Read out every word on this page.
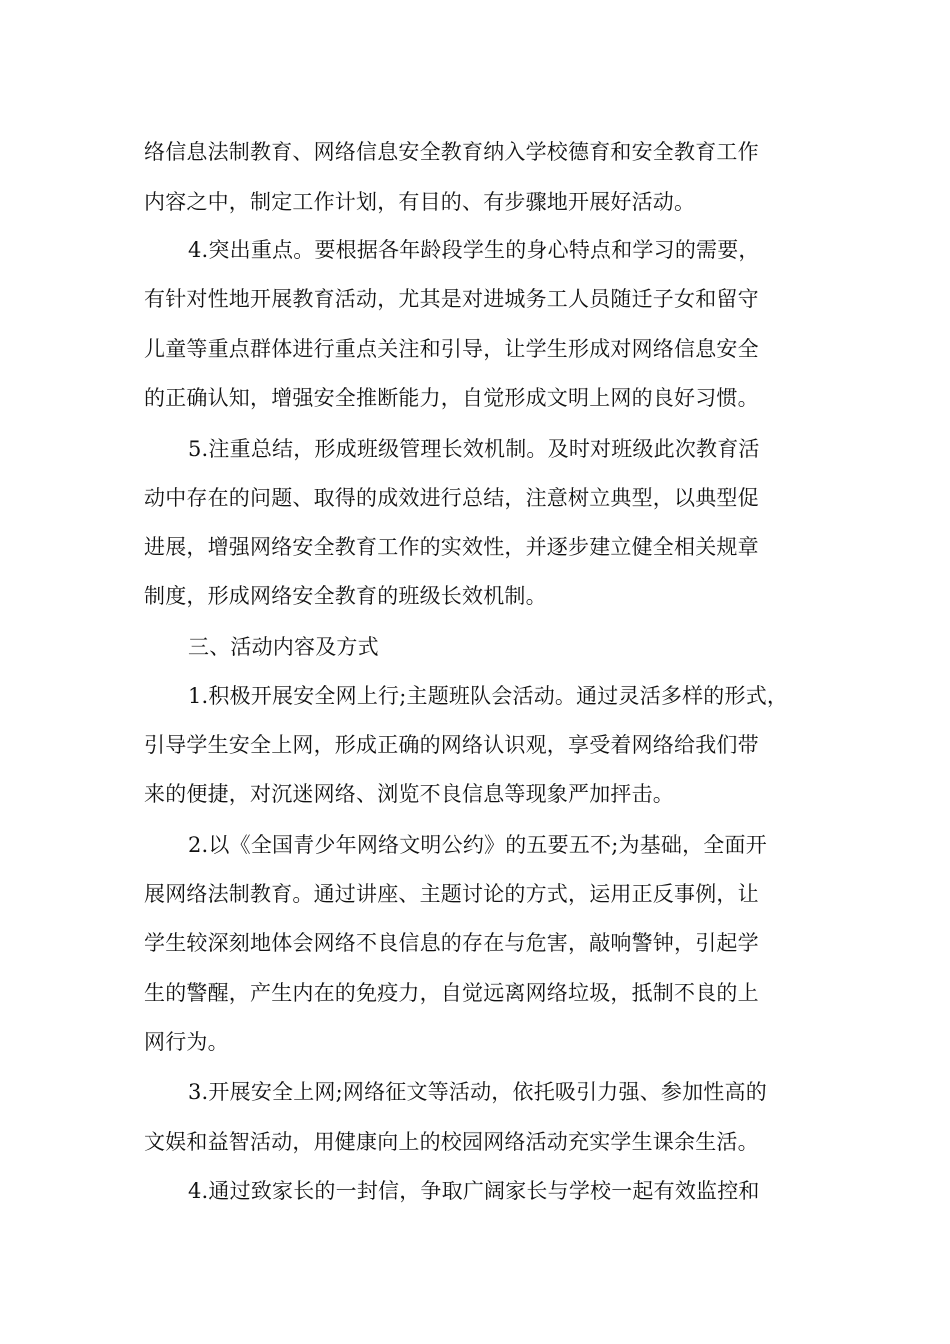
络信息法制教育、网络信息安全教育纳入学校德育和安全教育工作
内容之中，制定工作计划，有目的、有步骤地开展好活动。
4.突出重点。要根据各年龄段学生的身心特点和学习的需要，
有针对性地开展教育活动，尤其是对进城务工人员随迁子女和留守
儿童等重点群体进行重点关注和引导，让学生形成对网络信息安全
的正确认知，增强安全推断能力，自觉形成文明上网的良好习惯。
5.注重总结，形成班级管理长效机制。及时对班级此次教育活
动中存在的问题、取得的成效进行总结，注意树立典型，以典型促
进展，增强网络安全教育工作的实效性，并逐步建立健全相关规章
制度，形成网络安全教育的班级长效机制。
三、活动内容及方式
1.积极开展安全网上行;主题班队会活动。通过灵活多样的形式，
引导学生安全上网，形成正确的网络认识观，享受着网络给我们带
来的便捷，对沉迷网络、浏览不良信息等现象严加抨击。
2.以《全国青少年网络文明公约》的五要五不;为基础，全面开
展网络法制教育。通过讲座、主题讨论的方式，运用正反事例，让
学生较深刻地体会网络不良信息的存在与危害，敲响警钟，引起学
生的警醒，产生内在的免疫力，自觉远离网络垃圾，抵制不良的上
网行为。
3.开展安全上网;网络征文等活动，依托吸引力强、参加性高的
文娱和益智活动，用健康向上的校园网络活动充实学生课余生活。
4.通过致家长的一封信，争取广阔家长与学校一起有效监控和
